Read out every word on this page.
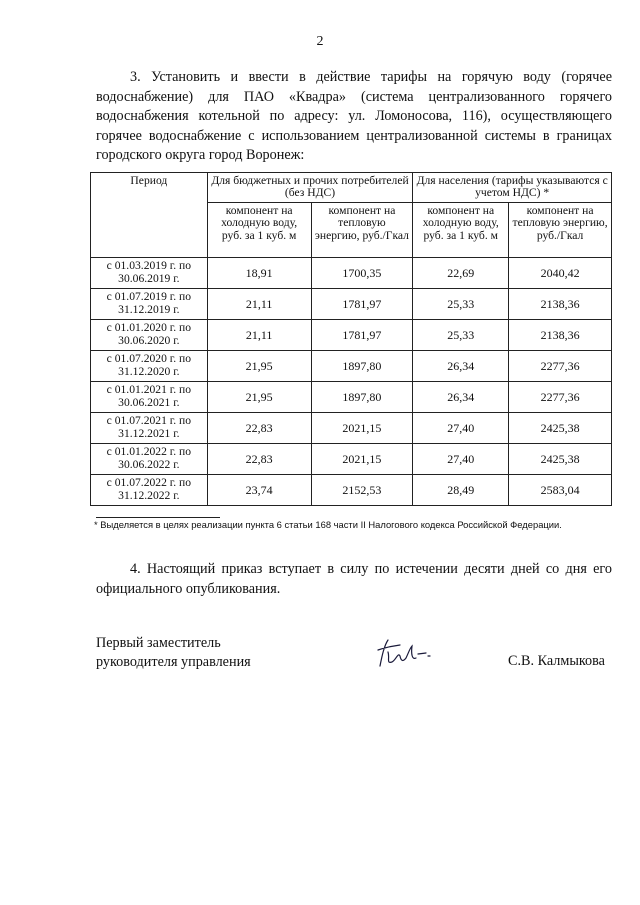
2
3. Установить и ввести в действие тарифы на горячую воду (горячее водоснабжение) для ПАО «Квадра» (система централизованного горячего водоснабжения котельной по адресу: ул. Ломоносова, 116), осуществляющего горячее водоснабжение с использованием централизованной системы в границах городского округа город Воронеж:
Период	Для бюджетных и прочих потребителей (без НДС)		Для населения (тарифы указываются с учетом НДС) *	
	компонент на холодную воду, руб. за 1 куб. м	компонент на тепловую энергию, руб./Гкал	компонент на холодную воду, руб. за 1 куб. м	компонент на тепловую энергию, руб./Гкал

с 01.03.2019 г. по
30.06.2019 г.	18,91	1700,35	22,69	2040,42

с 01.07.2019 г. по
31.12.2019 г.	21,11	1781,97	25,33	2138,36

с 01.01.2020 г. по
30.06.2020 г.	21,11	1781,97	25,33	2138,36

с 01.07.2020 г. по
31.12.2020 г.	21,95	1897,80	26,34	2277,36

с 01.01.2021 г. по
30.06.2021 г.	21,95	1897,80	26,34	2277,36

с 01.07.2021 г. по
31.12.2021 г.	22,83	2021,15	27,40	2425,38

с 01.01.2022 г. по
30.06.2022 г.	22,83	2021,15	27,40	2425,38

с 01.07.2022 г. по
31.12.2022 г.	23,74	2152,53	28,49	2583,04
* Выделяется в целях реализации пункта 6 статьи 168 части II Налогового кодекса Российской Федерации.
4. Настоящий приказ вступает в силу по истечении десяти дней со дня его официального опубликования.
Первый заместитель
руководителя управления	С.В. Калмыкова
